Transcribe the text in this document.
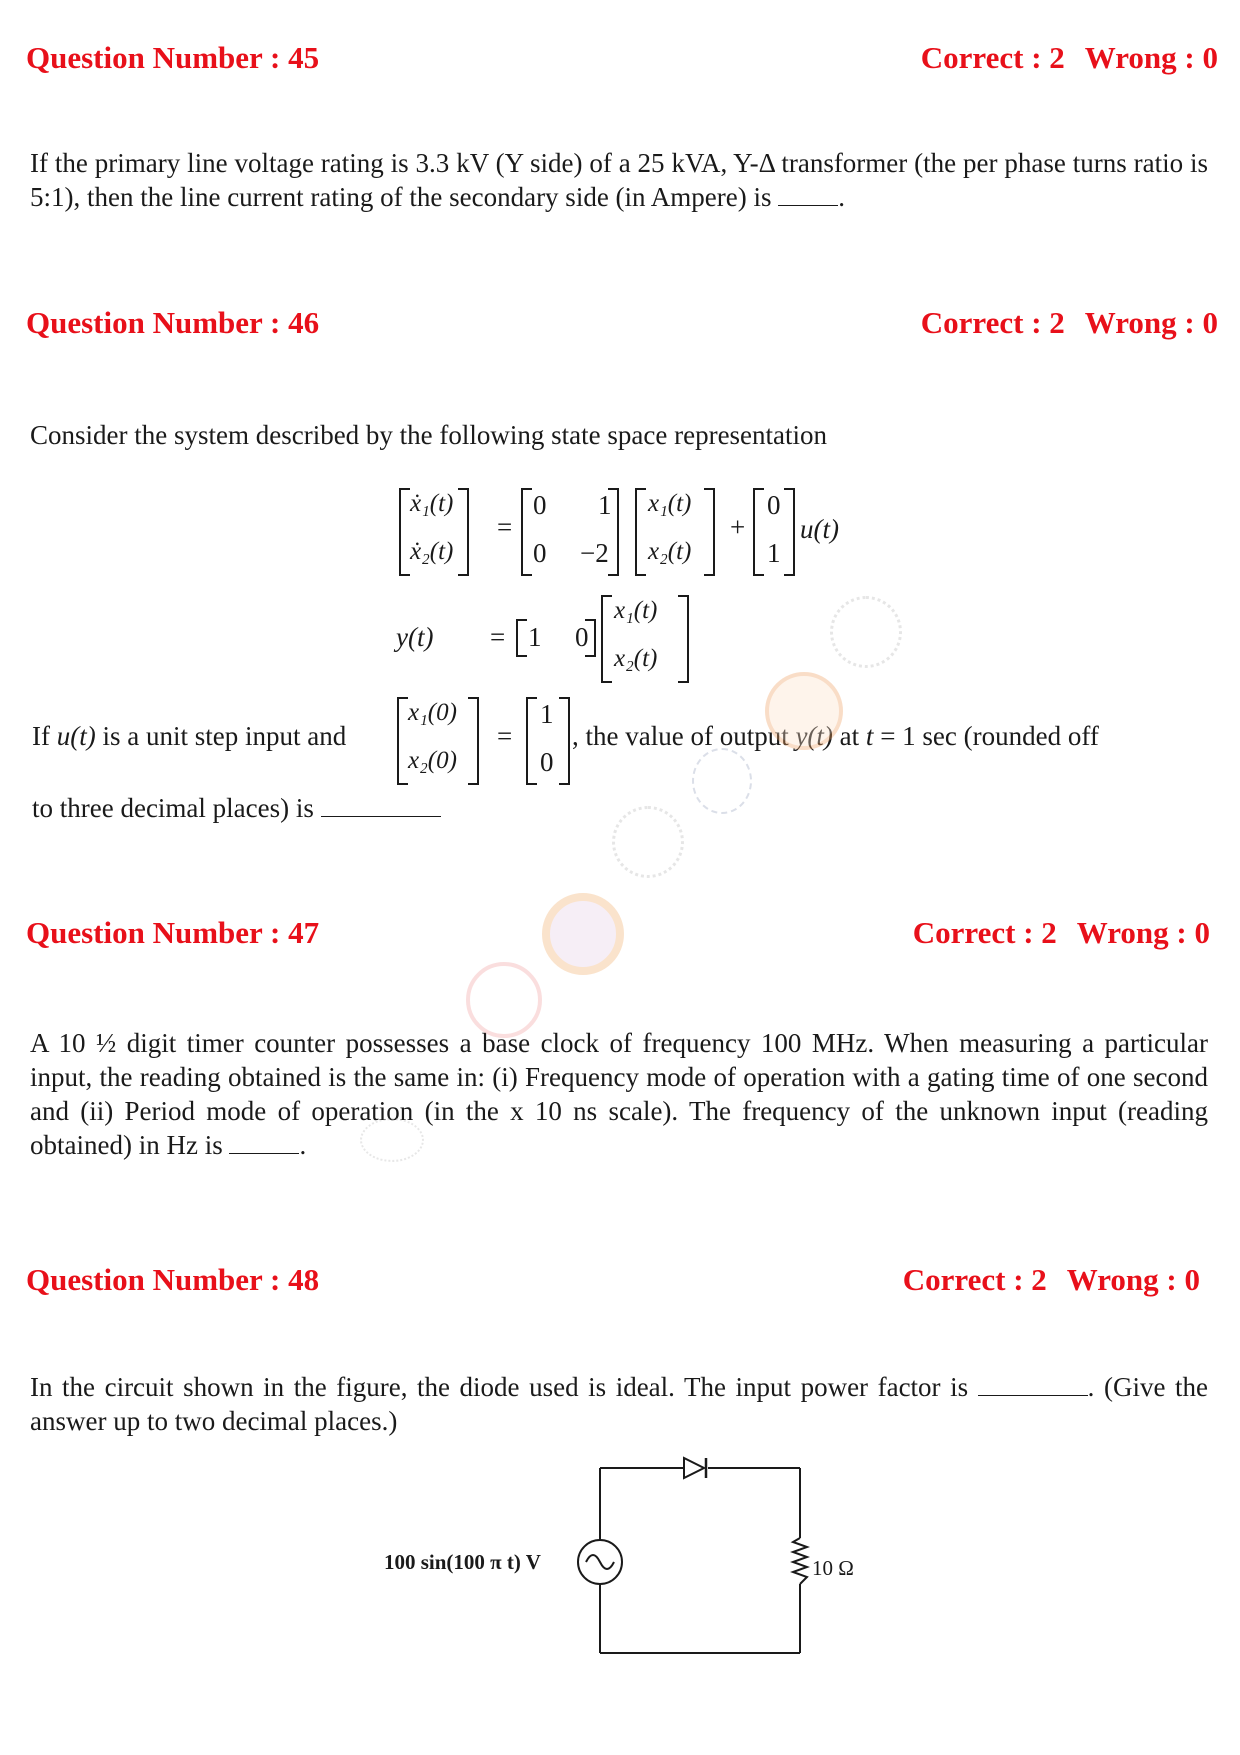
Question Number : 45	Correct : 2 Wrong : 0
If the primary line voltage rating is 3.3 kV (Y side) of a 25 kVA, Y-Δ transformer (the per phase turns ratio is 5:1), then the line current rating of the secondary side (in Ampere) is .
Question Number : 46	Correct : 2 Wrong : 0
Consider the system described by the following state space representation
ẋ₁(t)
ẋ₂(t)
=
0 1
0 −2
x₁(t)
x₂(t)
+
0
1
u(t)
y(t) = 1 0
x₁(t)
x₂(t)
If u(t) is a unit step input and
x₁(0)
x₂(0)
=
1
0
, the value of output y(t) at t = 1 sec (rounded off
to three decimal places) is
Question Number : 47	Correct : 2 Wrong : 0
A 10 ½ digit timer counter possesses a base clock of frequency 100 MHz. When measuring a particular input, the reading obtained is the same in: (i) Frequency mode of operation with a gating time of one second and (ii) Period mode of operation (in the x 10 ns scale). The frequency of the unknown input (reading obtained) in Hz is	.
Question Number : 48	Correct : 2 Wrong : 0
In the circuit shown in the figure, the diode used is ideal. The input power factor is	. (Give the answer up to two decimal places.)
100 sin(100 π t) V	10 Ω
